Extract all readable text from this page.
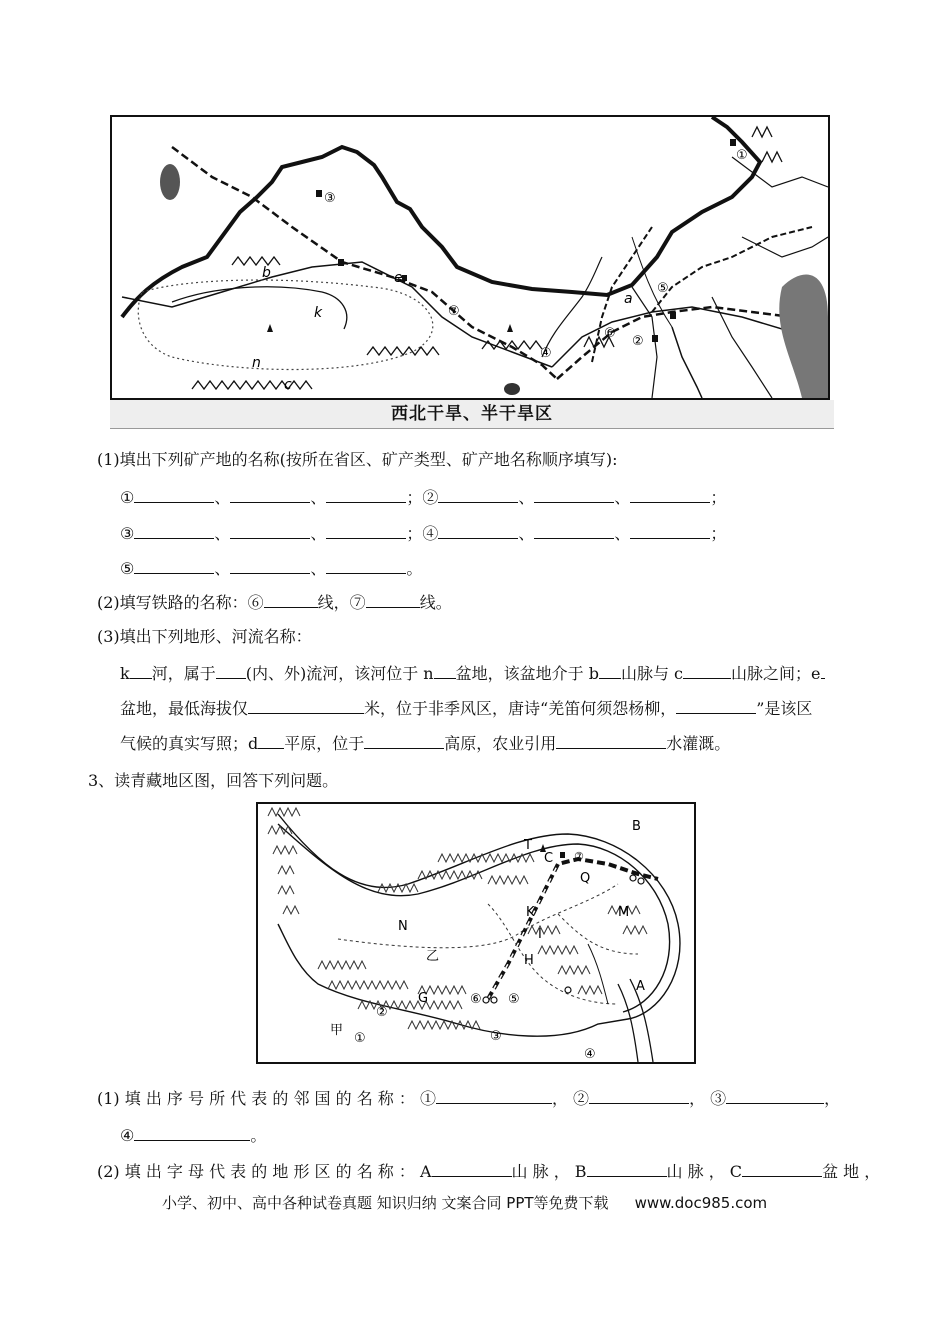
b
k
n
c
e
a
③
①
②
④
⑤
⑥
⑦
西北干旱、半干旱区
(1)填出下列矿产地的名称(按所在省区、矿产类型、矿产地名称顺序填写):
①	、	、	；②	、	、	；
③	、	、	；④	、	、	；
⑤	、	、	。
(2)填写铁路的名称：⑥	线，⑦	线。
(3)填出下列地形、河流名称：
k 河，属于 (内、外)流河，该河位于 n 盆地，该盆地介于 b 山脉与 c	山脉之间；e
盆地，最低海拔仅	米，位于非季风区，唐诗“羌笛何须怨杨柳，	”是该区
气候的真实写照；d 平原，位于	高原，农业引用	水灌溉。
3、读青藏地区图，回答下列问题。
B
T
C ⑦
Q
K	M
I
H
N
乙
G	⑥ ⑤
A
②
甲
①	③
④
(1) 填 出 序 号 所 代 表 的 邻 国 的 名 称 ： ①	， ②	， ③	，
④	。
(2) 填 出 字 母 代 表 的 地 形 区 的 名 称 ： A	山 脉 ， B	山 脉 ， C	盆 地 ，
小学、初中、高中各种试卷真题 知识归纳 文案合同 PPT等免费下载 www.doc985.com
